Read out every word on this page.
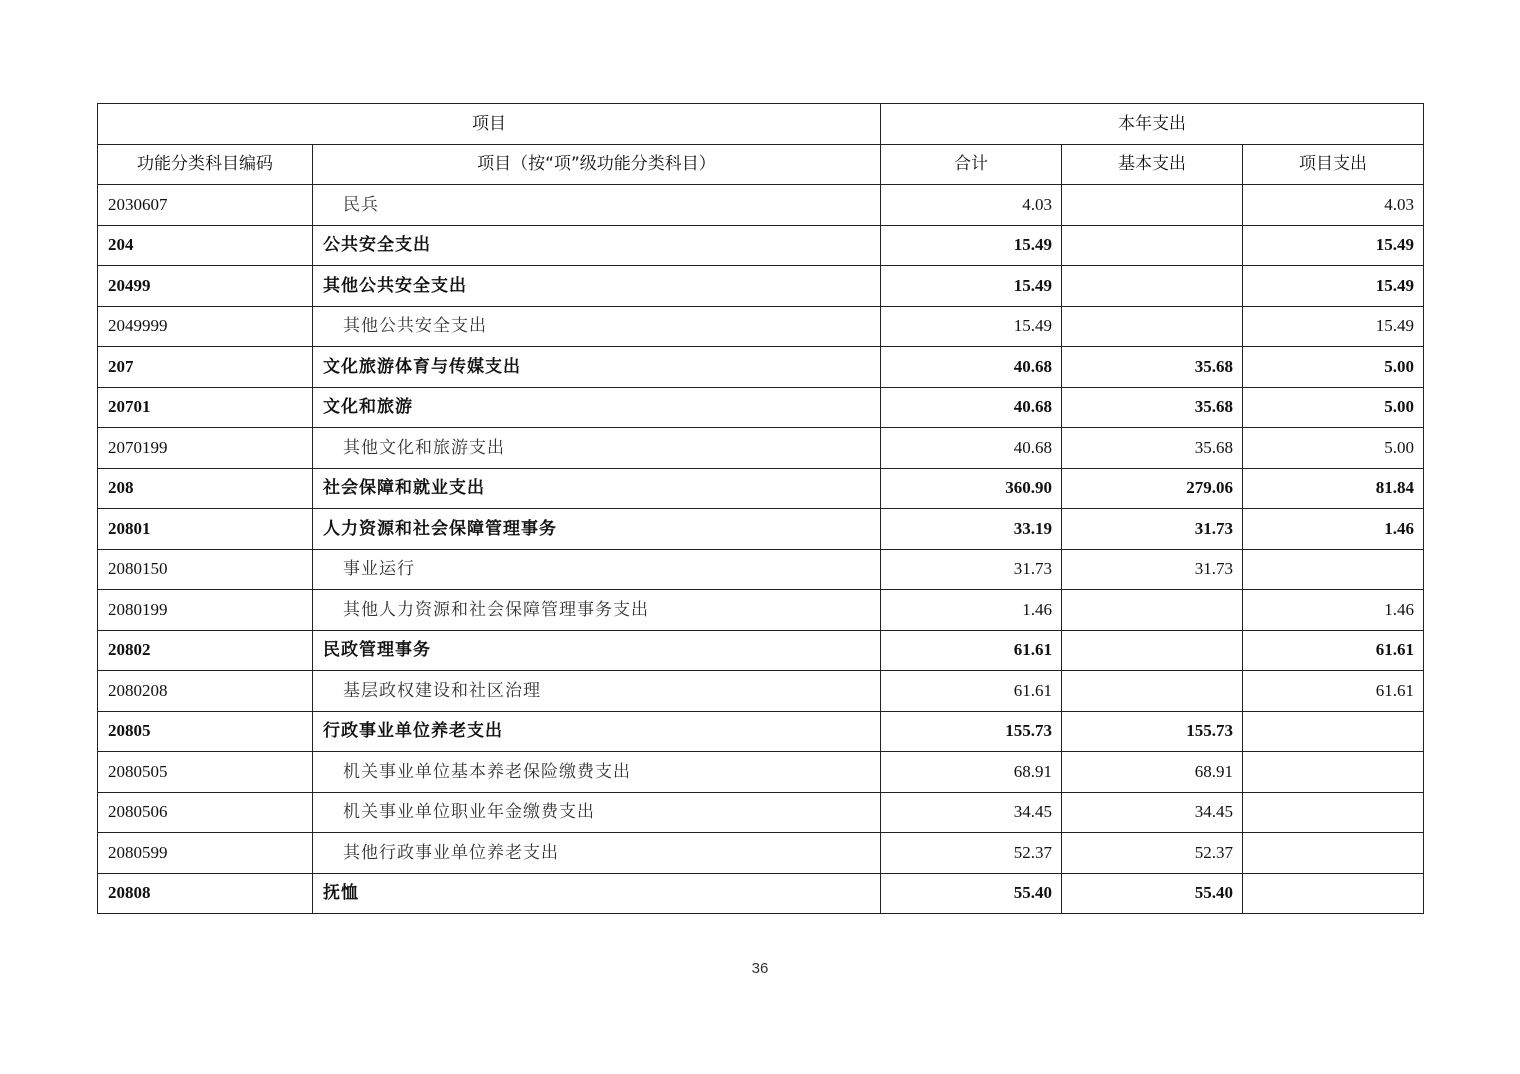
项目		本年支出		
功能分类科目编码	项目（按“项”级功能分类科目）	合计	基本支出	项目支出
2030607	民兵	4.03		4.03
204	公共安全支出	15.49		15.49
20499	其他公共安全支出	15.49		15.49
2049999	其他公共安全支出	15.49		15.49
207	文化旅游体育与传媒支出	40.68	35.68	5.00
20701	文化和旅游	40.68	35.68	5.00
2070199	其他文化和旅游支出	40.68	35.68	5.00
208	社会保障和就业支出	360.90	279.06	81.84
20801	人力资源和社会保障管理事务	33.19	31.73	1.46
2080150	事业运行	31.73	31.73	
2080199	其他人力资源和社会保障管理事务支出	1.46		1.46
20802	民政管理事务	61.61		61.61
2080208	基层政权建设和社区治理	61.61		61.61
20805	行政事业单位养老支出	155.73	155.73	
2080505	机关事业单位基本养老保险缴费支出	68.91	68.91	
2080506	机关事业单位职业年金缴费支出	34.45	34.45	
2080599	其他行政事业单位养老支出	52.37	52.37	
20808	抚恤	55.40	55.40	
36
